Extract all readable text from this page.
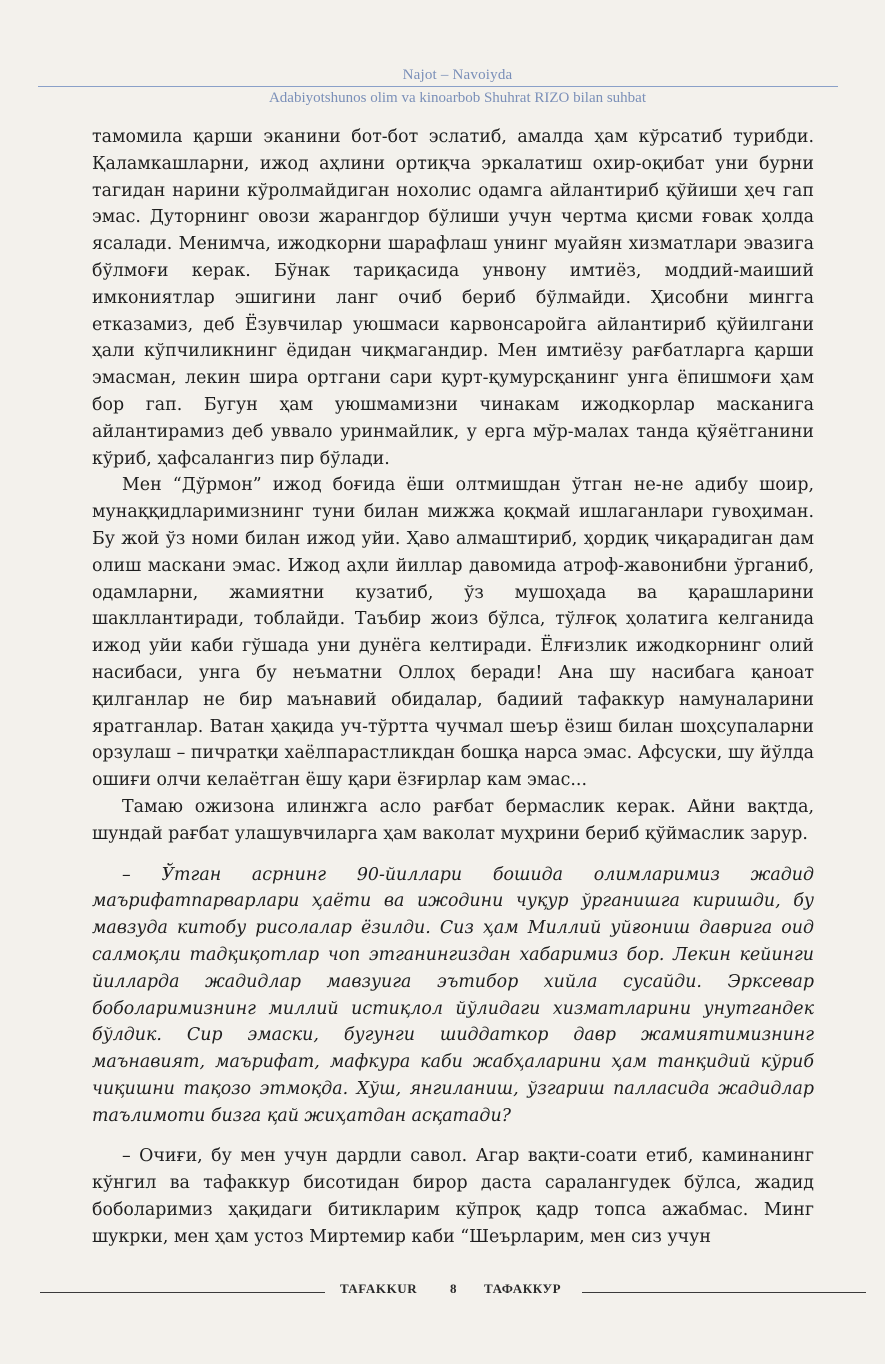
Najot – Navoiyda
Adabiyotshunos olim va kinoarbob Shuhrat RIZO bilan suhbat

тамомила қарши эканини бот-бот эслатиб, амалда ҳам кўрсатиб турибди. Қаламкашларни, ижод аҳлини ортиқча эркалатиш охир-оқибат уни бурни тагидан нарини кўролмайдиган нохолис одамга айлантириб қўйиши ҳеч гап эмас. Дуторнинг овози жарангдор бўлиши учун чертма қисми ғовак ҳолда ясалади. Менимча, ижодкорни шарафлаш унинг муайян хизматлари эвазига бўлмоғи керак. Бўнак тариқасида унвону имтиёз, моддий-маиший имкониятлар эшигини ланг очиб бериб бўлмайди. Ҳисобни мингга етказамиз, деб Ёзувчилар уюшмаси карвонсаройга айлантириб қўйилгани ҳали кўпчиликнинг ёдидан чиқмагандир. Мен имтиёзу рағбатларга қарши эмасман, лекин шира ортгани сари қурт-қумурсқанинг унга ёпишмоғи ҳам бор гап. Бугун ҳам уюшмамизни чинакам ижодкорлар масканига айлантирамиз деб уввало уринмайлик, у ерга мўр-малах танда қўяётганини кўриб, ҳафсалангиз пир бўлади.

Мен “Дўрмон” ижод боғида ёши олтмишдан ўтган не-не адибу шоир, мунаққидларимизнинг туни билан мижжа қоқмай ишлаганлари гувоҳиман. Бу жой ўз номи билан ижод уйи. Ҳаво алмаштириб, ҳордиқ чиқарадиган дам олиш маскани эмас. Ижод аҳли йиллар давомида атроф-жавонибни ўрганиб, одамларни, жамиятни кузатиб, ўз мушоҳада ва қарашларини шакллантиради, тоблайди. Таъбир жоиз бўлса, тўлғоқ ҳолатига келганида ижод уйи каби гўшада уни дунёга келтиради. Ёлғизлик ижодкорнинг олий насибаси, унга бу неъматни Оллоҳ беради! Ана шу насибага қаноат қилганлар не бир маънавий обидалар, бадиий тафаккур намуналарини яратганлар. Ватан ҳақида уч-тўртта чучмал шеър ёзиш билан шоҳсупаларни орзулаш – пичратқи хаёлпарастликдан бошқа нарса эмас. Афсуски, шу йўлда ошиғи олчи келаётган ёшу қари ёзғирлар кам эмас...

Тамаю ожизона илинжга асло рағбат бермаслик керак. Айни вақтда, шундай рағбат улашувчиларга ҳам ваколат муҳрини бериб қўймаслик зарур.

– Ўтган асрнинг 90-йиллари бошида олимларимиз жадид маърифатпарварлари ҳаёти ва ижодини чуқур ўрганишга киришди, бу мавзуда китобу рисолалар ёзилди. Сиз ҳам Миллий уйғониш даврига оид салмоқли тадқиқотлар чоп этганингиздан хабаримиз бор. Лекин кейинги йилларда жадидлар мавзуига эътибор хийла сусайди. Эрксевар боболаримизнинг миллий истиқлол йўлидаги хизматларини унутгандек бўлдик. Сир эмаски, бугунги шиддаткор давр жамиятимизнинг маънавият, маърифат, мафкура каби жабҳаларини ҳам танқидий кўриб чиқишни тақозо этмоқда. Хўш, янгиланиш, ўзгариш палласида жадидлар таълимоти бизга қай жиҳатдан асқатади?

– Очиғи, бу мен учун дардли савол. Агар вақти-соати етиб, каминанинг кўнгил ва тафаккур бисотидан бирор даста саралангудек бўлса, жадид боболаримиз ҳақидаги битикларим кўпроқ қадр топса ажабмас. Минг шукрки, мен ҳам устоз Миртемир каби “Шеърларим, мен сиз учун

TAFAKKUR	8 ТАФАККУР
